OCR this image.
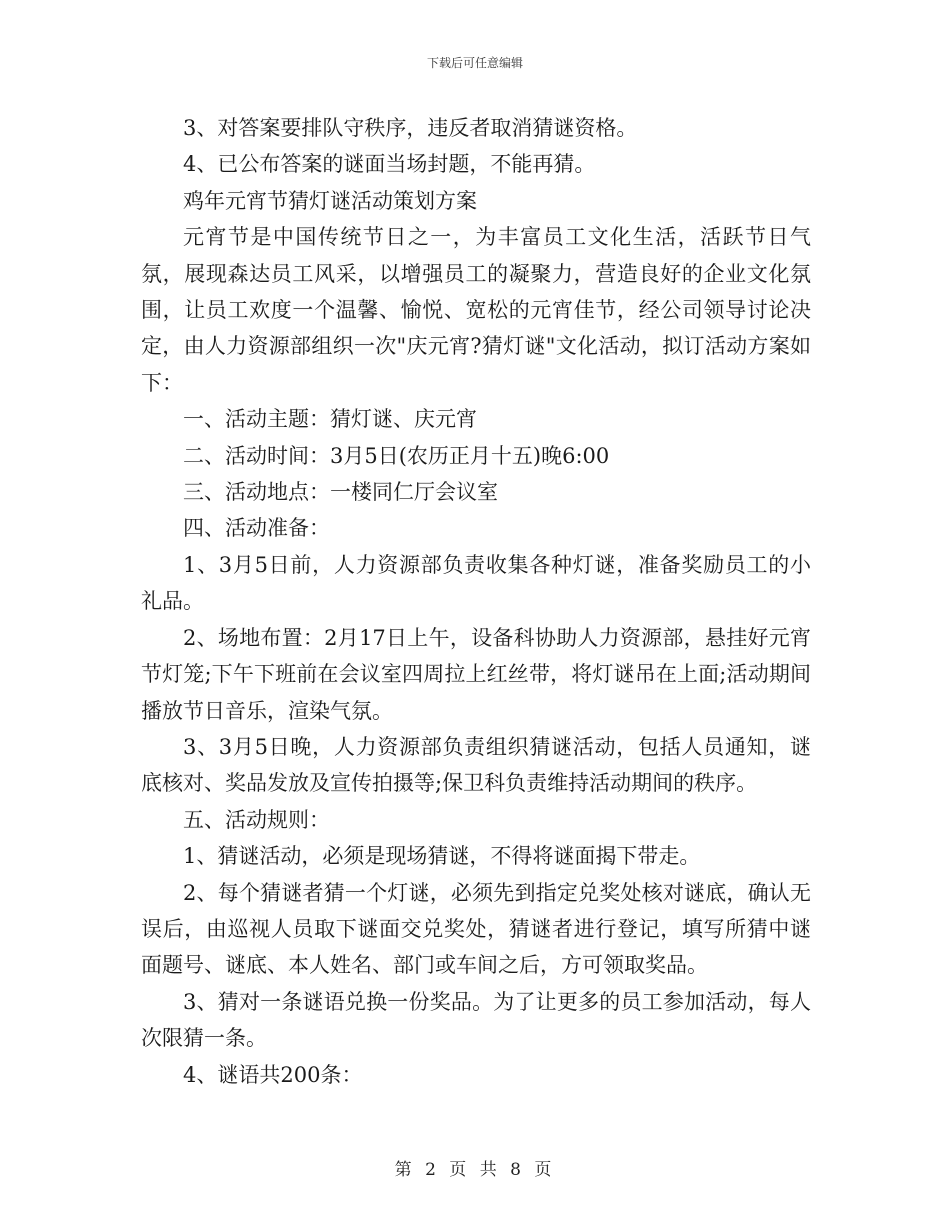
下载后可任意编辑

3、对答案要排队守秩序，违反者取消猜谜资格。

4、已公布答案的谜面当场封题，不能再猜。

鸡年元宵节猜灯谜活动策划方案

元宵节是中国传统节日之一，为丰富员工文化生活，活跃节日气氛，展现森达员工风采，以增强员工的凝聚力，营造良好的企业文化氛围，让员工欢度一个温馨、愉悦、宽松的元宵佳节，经公司领导讨论决定，由人力资源部组织一次"庆元宵?猜灯谜"文化活动，拟订活动方案如下：

一、活动主题：猜灯谜、庆元宵

二、活动时间：3月5日(农历正月十五)晚6:00

三、活动地点：一楼同仁厅会议室

四、活动准备：

1、3月5日前，人力资源部负责收集各种灯谜，准备奖励员工的小礼品。

2、场地布置：2月17日上午，设备科协助人力资源部，悬挂好元宵节灯笼;下午下班前在会议室四周拉上红丝带，将灯谜吊在上面;活动期间播放节日音乐，渲染气氛。

3、3月5日晚，人力资源部负责组织猜谜活动，包括人员通知，谜底核对、奖品发放及宣传拍摄等;保卫科负责维持活动期间的秩序。

五、活动规则：

1、猜谜活动，必须是现场猜谜，不得将谜面揭下带走。

2、每个猜谜者猜一个灯谜，必须先到指定兑奖处核对谜底，确认无误后，由巡视人员取下谜面交兑奖处，猜谜者进行登记，填写所猜中谜面题号、谜底、本人姓名、部门或车间之后，方可领取奖品。

3、猜对一条谜语兑换一份奖品。为了让更多的员工参加活动，每人次限猜一条。

4、谜语共200条：

第 2 页 共 8 页
